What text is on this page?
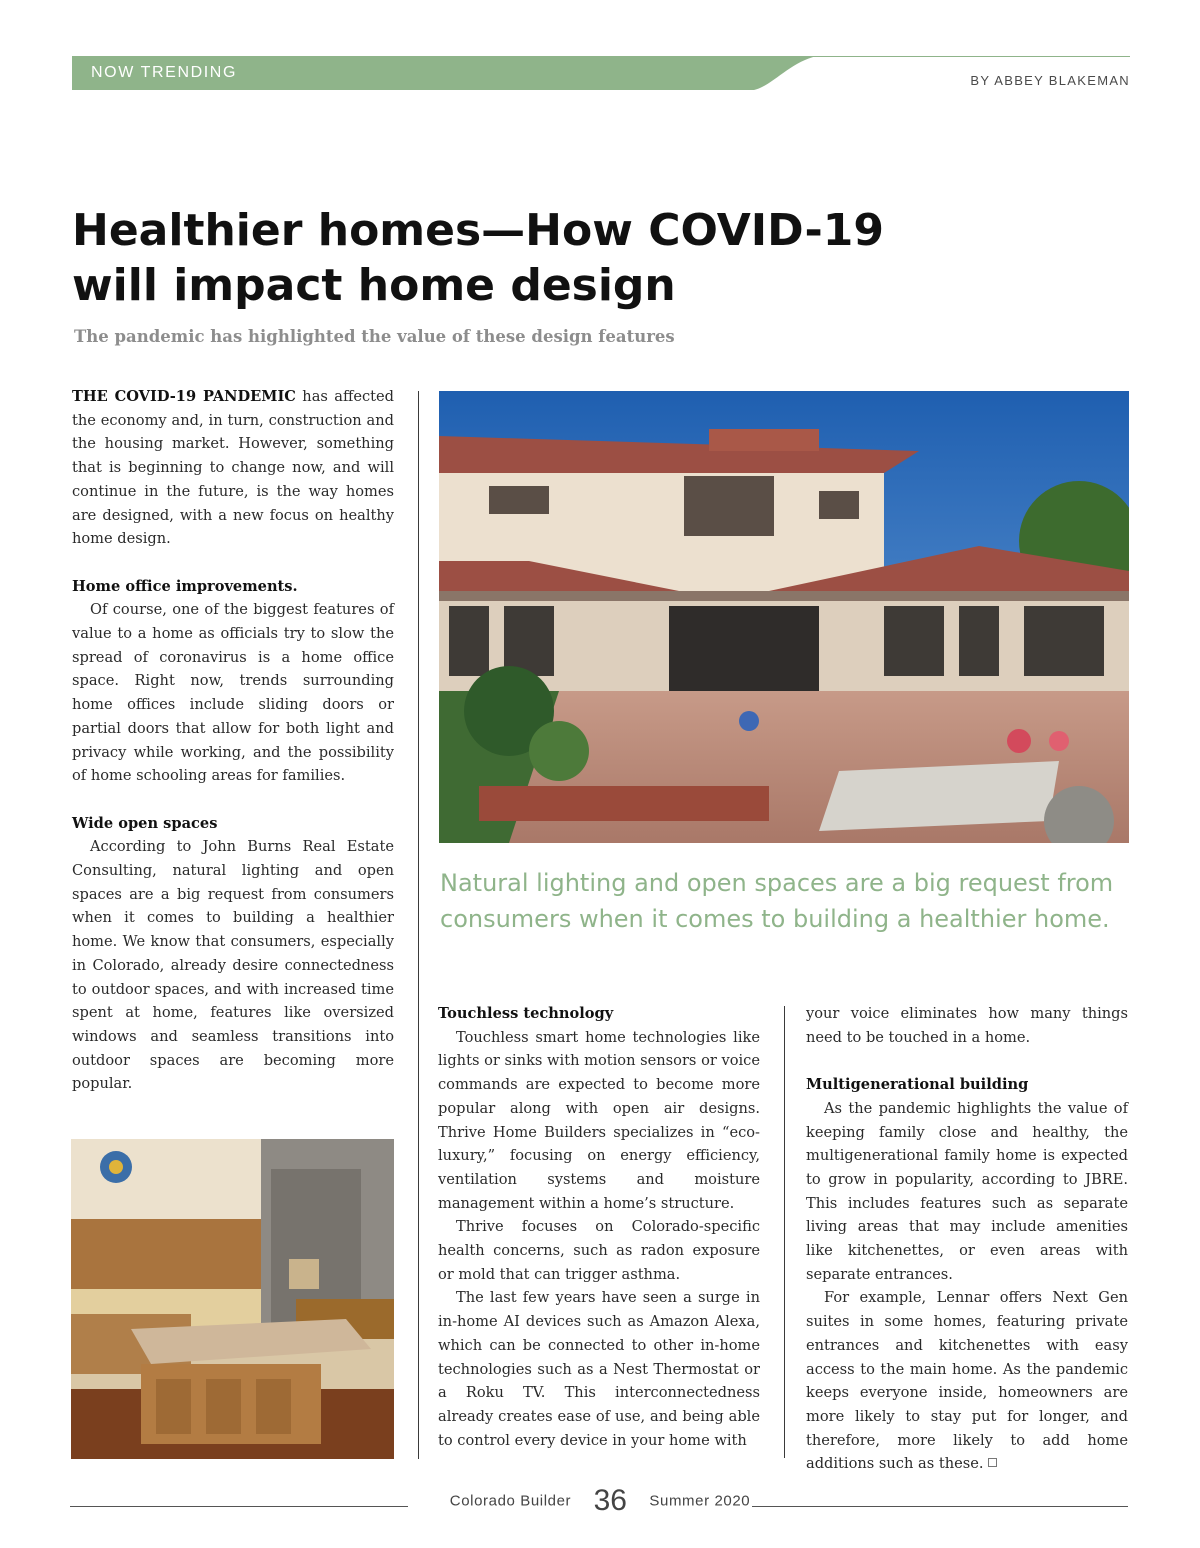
NOW TRENDING	BY ABBEY BLAKEMAN
Healthier homes—How COVID-19
will impact home design

The pandemic has highlighted the value of these design features

THE COVID-19 PANDEMIC has affected the economy and, in turn, construction and the housing market. However, something that is beginning to change now, and will continue in the future, is the way homes are designed, with a new focus on healthy home design.

Home office improvements.

Of course, one of the biggest features of value to a home as officials try to slow the spread of coronavirus is a home office space. Right now, trends surrounding home offices include sliding doors or partial doors that allow for both light and privacy while working, and the possibility of home schooling areas for families.

Wide open spaces

According to John Burns Real Estate Consulting, natural lighting and open spaces are a big request from consumers when it comes to building a healthier home. We know that consumers, especially in Colorado, already desire connectedness to outdoor spaces, and with increased time spent at home, features like oversized windows and seamless transitions into outdoor spaces are becoming more popular.

Natural lighting and open spaces are a big request from consumers when it comes to building a healthier home.

Touchless technology

Touchless smart home technologies like lights or sinks with motion sensors or voice commands are expected to become more popular along with open air designs. Thrive Home Builders specializes in “eco-luxury,” focusing on energy efficiency, ventilation systems and moisture management within a home’s structure.

Thrive focuses on Colorado-specific health concerns, such as radon exposure or mold that can trigger asthma.

The last few years have seen a surge in in-home AI devices such as Amazon Alexa, which can be connected to other in-home technologies such as a Nest Thermostat or a Roku TV. This interconnectedness already creates ease of use, and being able to control every device in your home with

your voice eliminates how many things need to be touched in a home.

Multigenerational building

As the pandemic highlights the value of keeping family close and healthy, the multigenerational family home is expected to grow in popularity, according to JBRE. This includes features such as separate living areas that may include amenities like kitchenettes, or even areas with separate entrances.

For example, Lennar offers Next Gen suites in some homes, featuring private entrances and kitchenettes with easy access to the main home. As the pandemic keeps everyone inside, homeowners are more likely to stay put for longer, and therefore, more likely to add home additions such as these.

Colorado Builder 36 Summer 2020
